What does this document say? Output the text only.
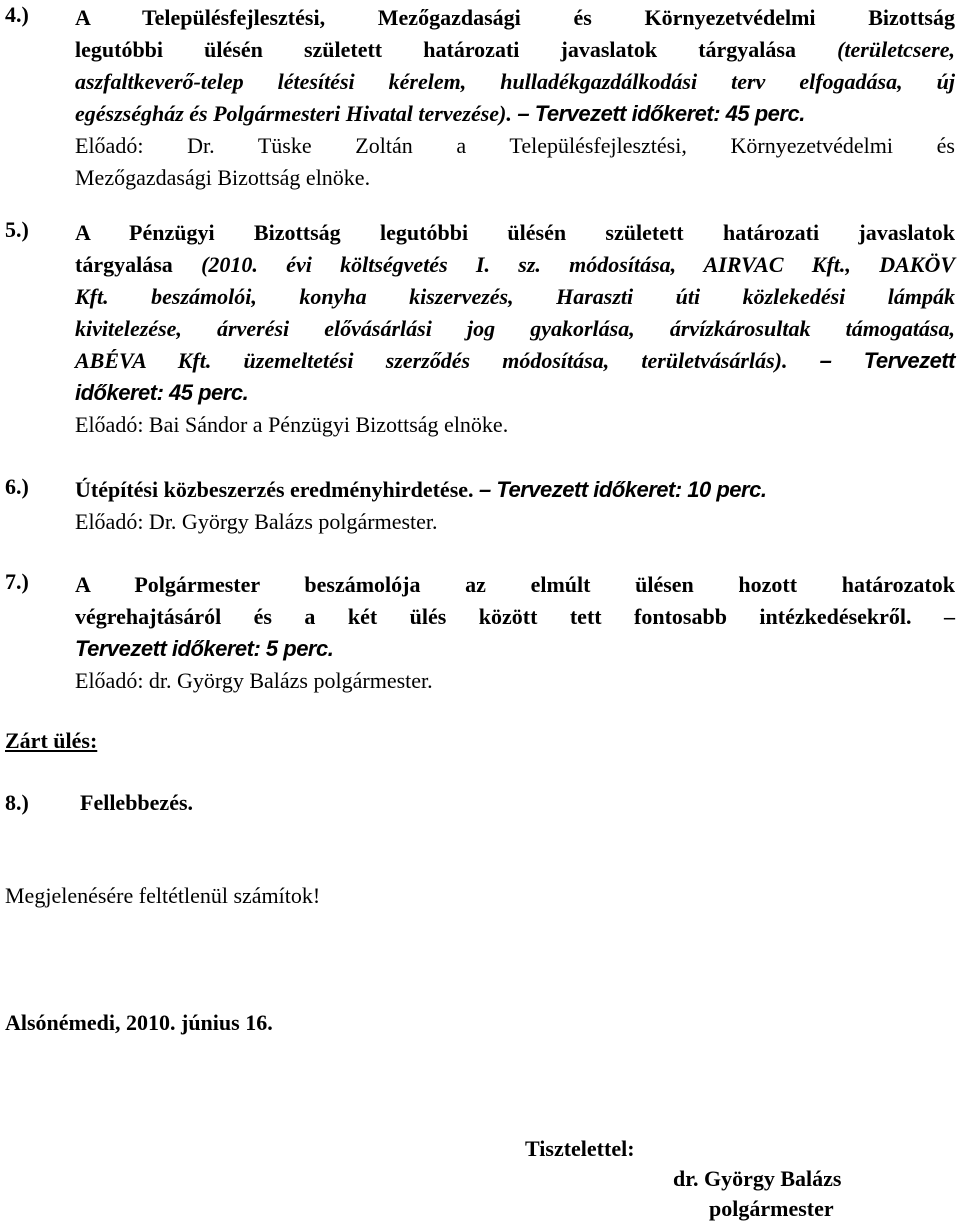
4.) A Településfejlesztési, Mezőgazdasági és Környezetvédelmi Bizottság
legutóbbi ülésén született határozati javaslatok tárgyalása (területcsere,
aszfaltkeverő-telep létesítési kérelem, hulladékgazdálkodási terv elfogadása, új
egészségház és Polgármesteri Hivatal tervezése). – Tervezett időkeret: 45 perc.
Előadó: Dr. Tüske Zoltán a Településfejlesztési, Környezetvédelmi és
Mezőgazdasági Bizottság elnöke.
5.) A Pénzügyi Bizottság legutóbbi ülésén született határozati javaslatok
tárgyalása (2010. évi költségvetés I. sz. módosítása, AIRVAC Kft., DAKÖV
Kft. beszámolói, konyha kiszervezés, Haraszti úti közlekedési lámpák
kivitelezése, árverési elővásárlási jog gyakorlása, árvízkárosultak támogatása,
ABÉVA Kft. üzemeltetési szerződés módosítása, területvásárlás). – Tervezett
időkeret: 45 perc.
Előadó: Bai Sándor a Pénzügyi Bizottság elnöke.
6.) Útépítési közbeszerzés eredményhirdetése. – Tervezett időkeret: 10 perc.
Előadó: Dr. György Balázs polgármester.
7.) A Polgármester beszámolója az elmúlt ülésen hozott határozatok
végrehajtásáról és a két ülés között tett fontosabb intézkedésekről. –
Tervezett időkeret: 5 perc.
Előadó: dr. György Balázs polgármester.
Zárt ülés:
8.) Fellebbezés.
Megjelenésére feltétlenül számítok!
Alsónémedi, 2010. június 16.
Tisztelettel:
dr. György Balázs
polgármester
